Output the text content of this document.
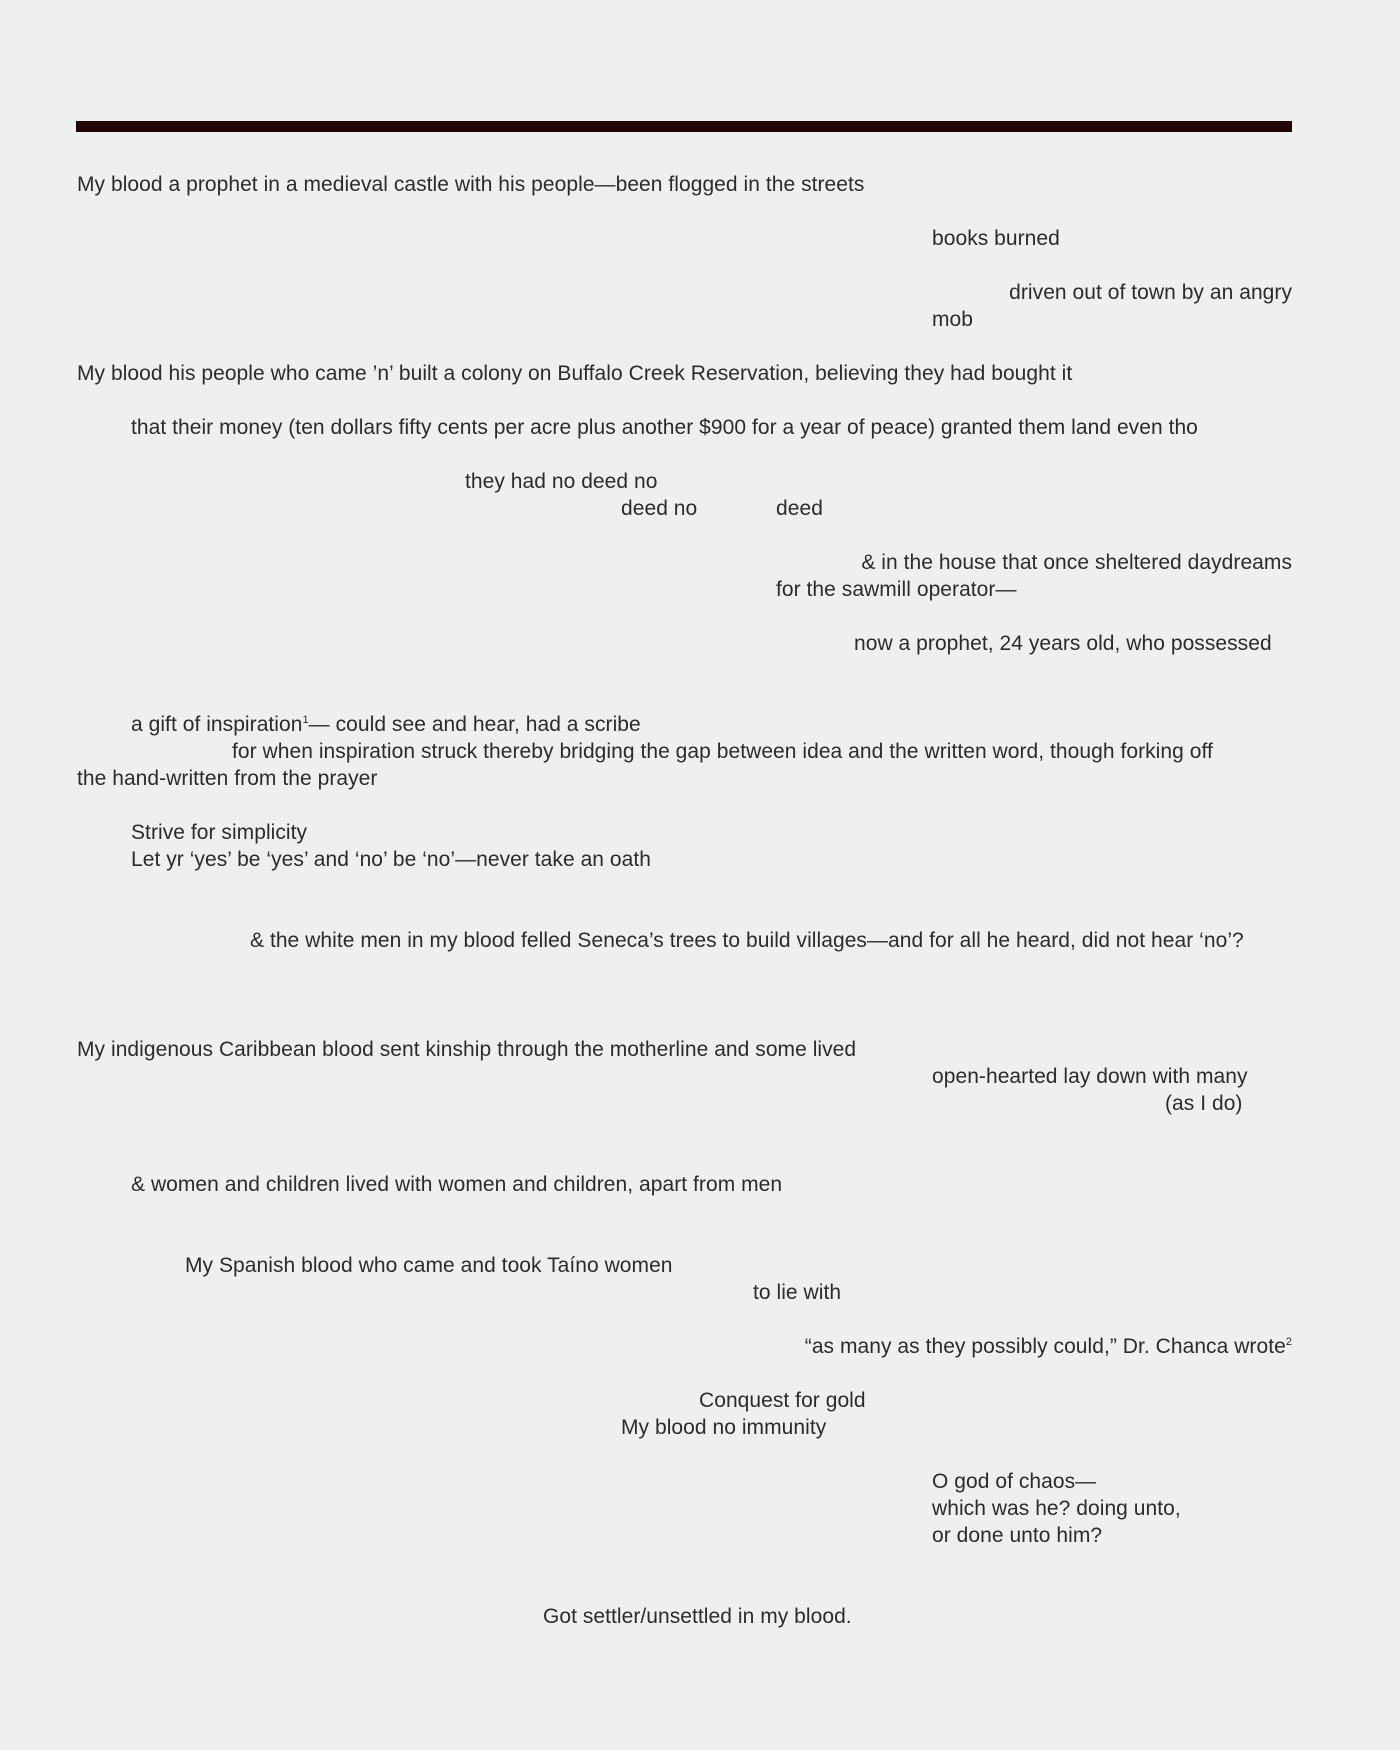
My blood a prophet in a medieval castle with his people—been flogged in the streets
books burned
driven out of town by an angry
mob
My blood his people who came ’n’ built a colony on Buffalo Creek Reservation, believing they had bought it
that their money (ten dollars fifty cents per acre plus another $900 for a year of peace) granted them land even tho
they had no deed no
deed no	deed
& in the house that once sheltered daydreams
for the sawmill operator—
now a prophet, 24 years old, who possessed
a gift of inspiration$^1$— could see and hear, had a scribe
for when inspiration struck thereby bridging the gap between idea and the written word, though forking off
the hand-written from the prayer
Strive for simplicity
Let yr ‘yes’ be ‘yes’ and ‘no’ be ‘no’—never take an oath
& the white men in my blood felled Seneca’s trees to build villages—and for all he heard, did not hear ‘no’?
My indigenous Caribbean blood sent kinship through the motherline and some lived
open-hearted lay down with many
(as I do)
& women and children lived with women and children, apart from men
My Spanish blood who came and took Taíno women
to lie with
“as many as they possibly could,” Dr. Chanca wrote$^2$
Conquest for gold
My blood no immunity
O god of chaos—
which was he? doing unto,
or done unto him?
Got settler/unsettled in my blood.
